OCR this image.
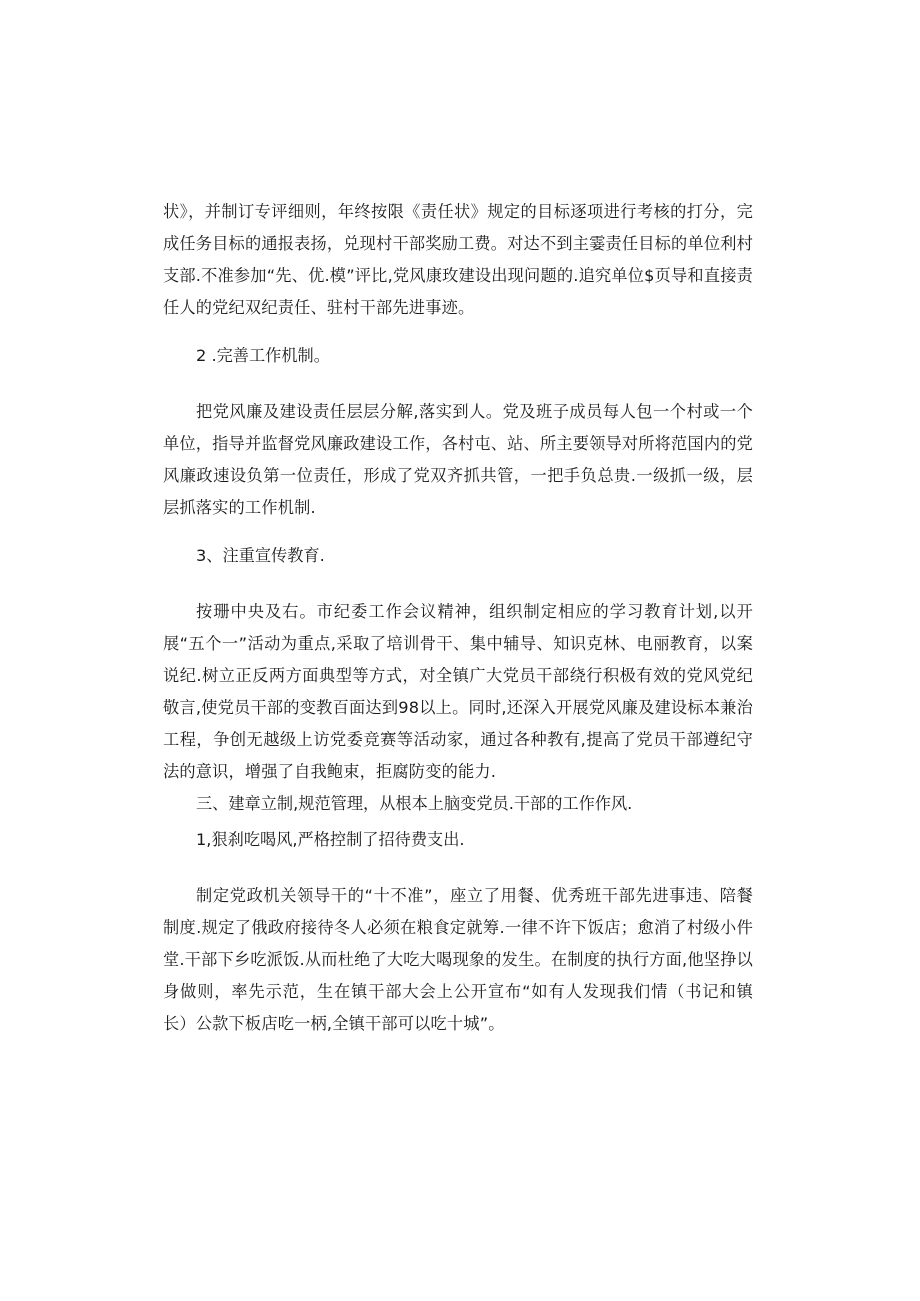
状》，并制订专评细则，年终按限《责任状》规定的目标逐项进行考核的打分，完成任务目标的通报表扬，兑现村干部奖励工费。对达不到主霎责任目标的单位利村支部.不准参加“先、优.模”评比,党风康玫建设出现问题的.追究单位$页导和直接责任人的党纪双纪责任、驻村干部先进事迹。

2 .完善工作机制。

把党风廉及建设责任层层分解,落实到人。党及班子成员每人包一个村或一个单位，指导并监督党风廉政建设工作，各村屯、站、所主要领导对所将范国内的党风廉政速设负第一位责任，形成了党双齐抓共管，一把手负总贵.一级抓一级，层层抓落实的工作机制.

3、注重宣传教育.

按珊中央及右。市纪委工作会议精神，组织制定相应的学习教育计划,以开展“五个一”活动为重点,采取了培训骨干、集中辅导、知识克林、电丽教育，以案说纪.树立正反两方面典型等方式，对全镇广大党员干部绕行积极有效的党风党纪敬言,使党员干部的变教百面达到98以上。同时,还深入开展党风廉及建设标本兼治工程，争创无越级上访党委竞赛等活动家，通过各种教有,提高了党员干部遵纪守法的意识，增强了自我鲍束，拒腐防变的能力.

三、建章立制,规范管理，从根本上脑变党员.干部的工作作风.

1,狠刹吃喝风,严格控制了招待费支出.

制定党政机关领导干的“十不准”，座立了用餐、优秀班干部先进事违、陪餐制度.规定了俄政府接待冬人必须在粮食定就筹.一律不许下饭店；愈消了村级小件堂.干部下乡吃派饭.从而杜绝了大吃大喝现象的发生。在制度的执行方面,他坚挣以身做则，率先示范，生在镇干部大会上公开宣布“如有人发现我们情（书记和镇长）公款下板店吃一柄,全镇干部可以吃十城”。
